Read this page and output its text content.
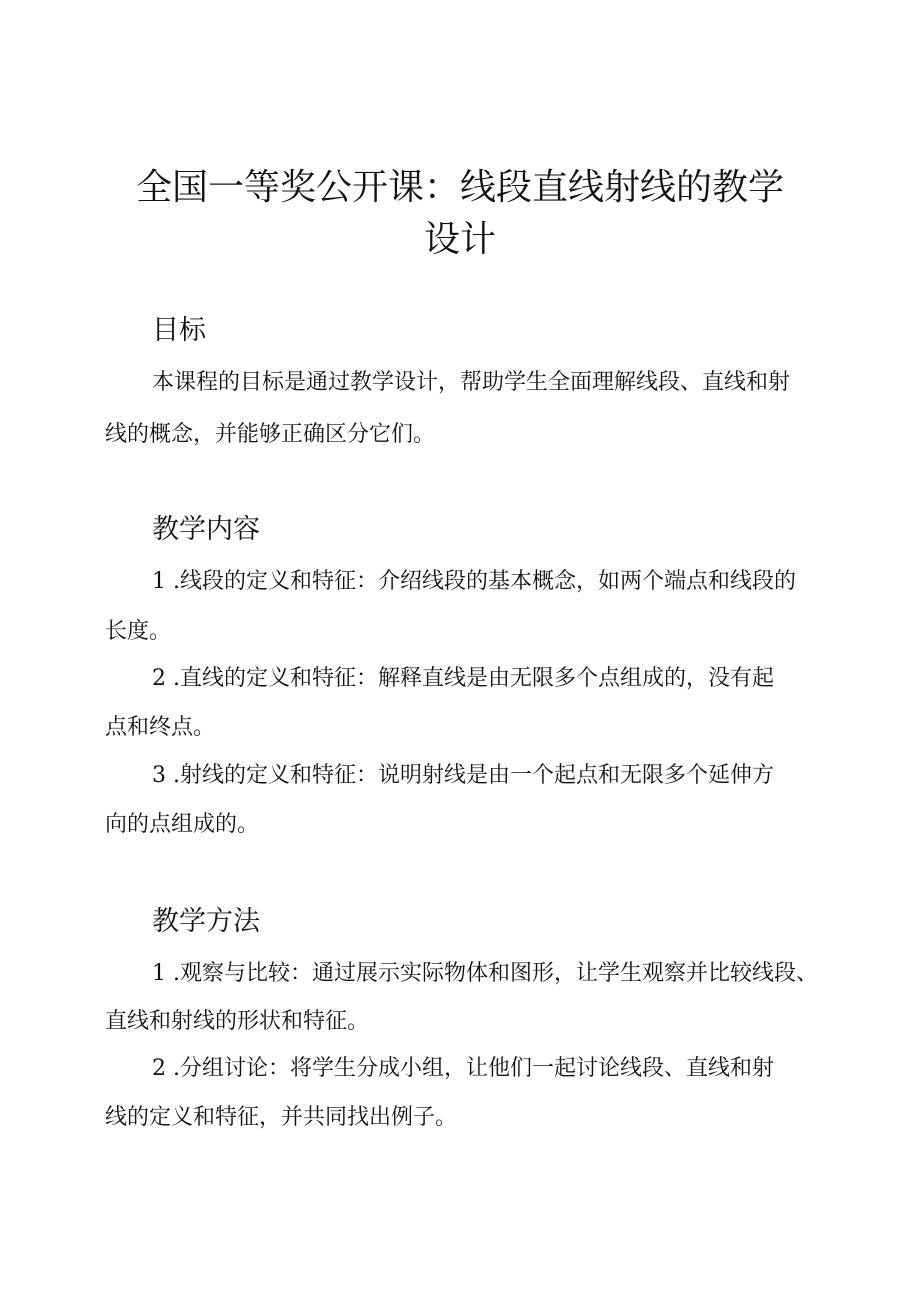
全国一等奖公开课：线段直线射线的教学
设计
目标
本课程的目标是通过教学设计，帮助学生全面理解线段、直线和射
线的概念，并能够正确区分它们。
教学内容
1 .线段的定义和特征：介绍线段的基本概念，如两个端点和线段的
长度。
2 .直线的定义和特征：解释直线是由无限多个点组成的，没有起
点和终点。
3 .射线的定义和特征：说明射线是由一个起点和无限多个延伸方
向的点组成的。
教学方法
1 .观察与比较：通过展示实际物体和图形，让学生观察并比较线段、
直线和射线的形状和特征。
2 .分组讨论：将学生分成小组，让他们一起讨论线段、直线和射
线的定义和特征，并共同找出例子。
